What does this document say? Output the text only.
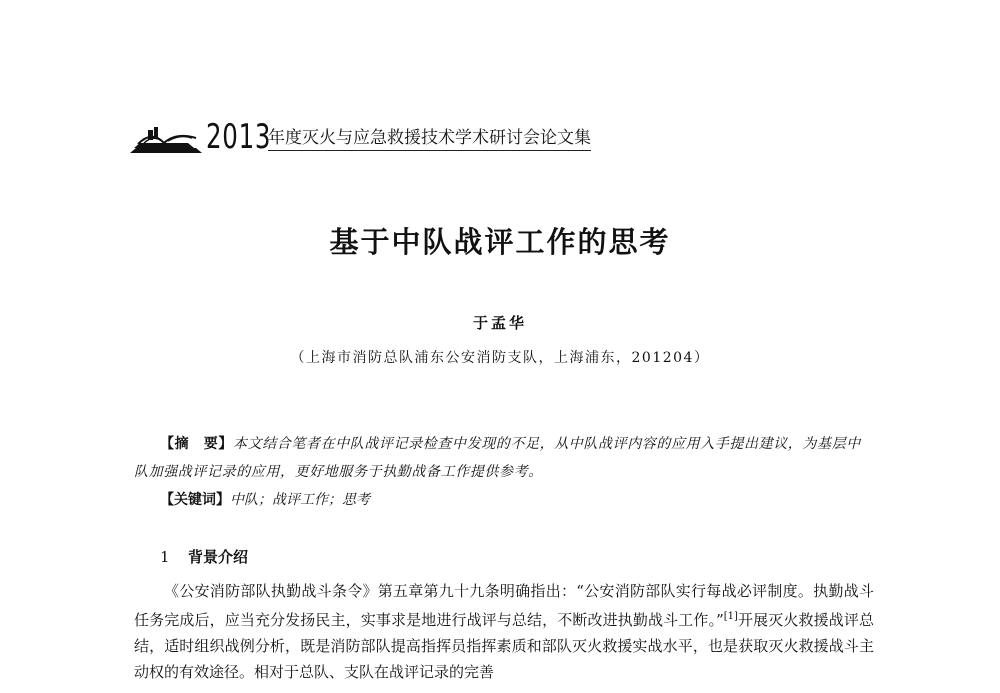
2013
年度灭火与应急救援技术学术研讨会论文集
基于中队战评工作的思考
于孟华
（上海市消防总队浦东公安消防支队，上海浦东，201204）

【摘　要】本文结合笔者在中队战评记录检查中发现的不足，从中队战评内容的应用入手提出建议，为基层中队加强战评记录的应用，更好地服务于执勤战备工作提供参考。

【关键词】中队；战评工作；思考

1 背景介绍

《公安消防部队执勤战斗条令》第五章第九十九条明确指出：“公安消防部队实行每战必评制度。执勤战斗任务完成后，应当充分发扬民主，实事求是地进行战评与总结，不断改进执勤战斗工作。”[1]开展灭火救援战评总结，适时组织战例分析，既是消防部队提高指挥员指挥素质和部队灭火救援实战水平，也是获取灭火救援战斗主动权的有效途径。相对于总队、支队在战评记录的完善
